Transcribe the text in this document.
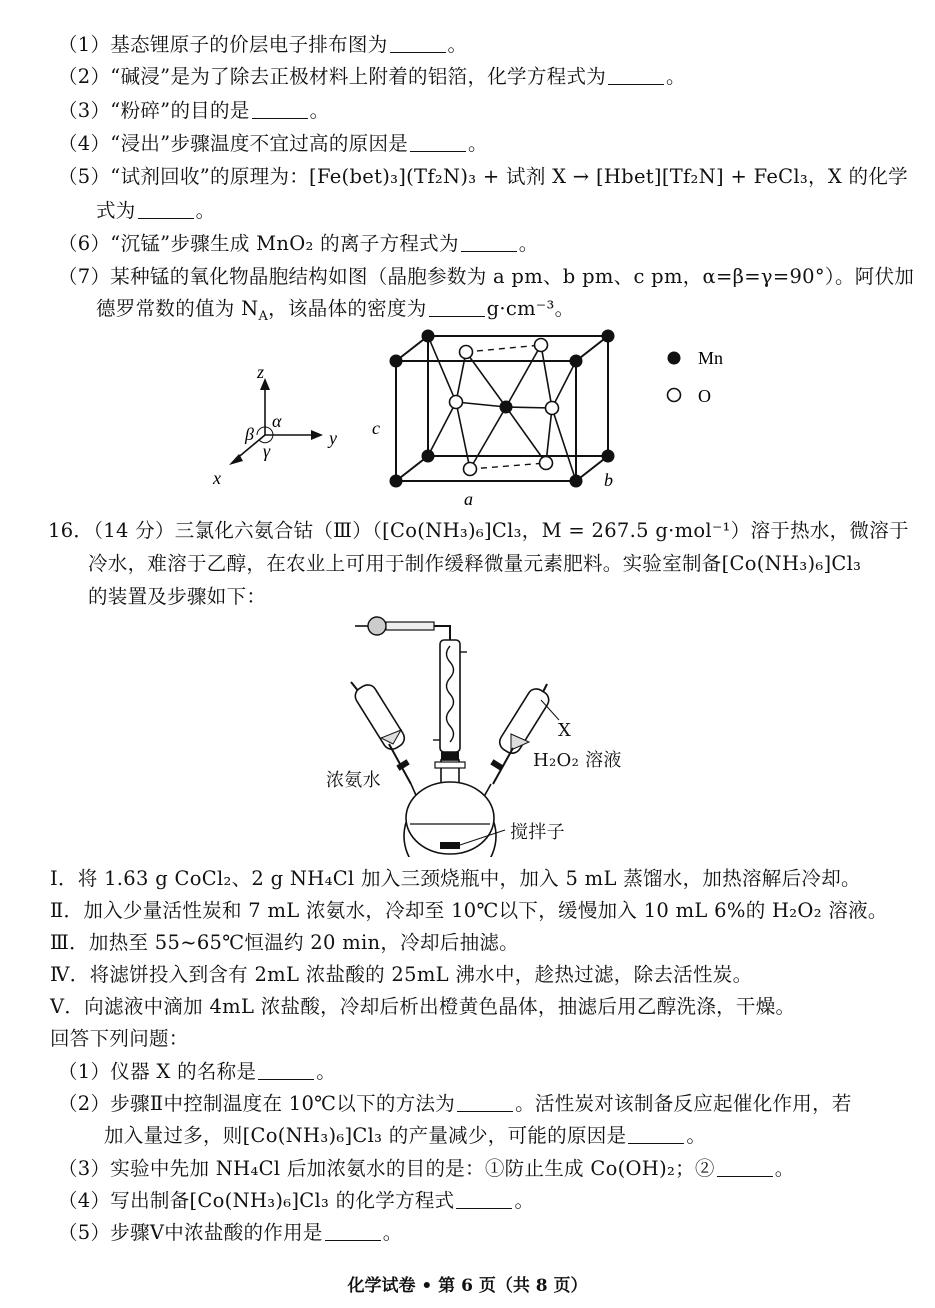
（1）基态锂原子的价层电子排布图为	。
（2）“碱浸”是为了除去正极材料上附着的铝箔，化学方程式为	。
（3）“粉碎”的目的是	。
（4）“浸出”步骤温度不宜过高的原因是	。
（5）“试剂回收”的原理为：[Fe(bet)₃](Tf₂N)₃ + 试剂 X → [Hbet][Tf₂N] + FeCl₃，X 的化学
式为	。
（6）“沉锰”步骤生成 MnO₂ 的离子方程式为	。
（7）某种锰的氧化物晶胞结构如图（晶胞参数为 a pm、b pm、c pm，α=β=γ=90°）。阿伏加
德罗常数的值为 $N_A$，该晶体的密度为	g·cm⁻³。
z
y
x
α
β
γ
c
a
b
Mn
O
16．（14 分）三氯化六氨合钴（Ⅲ）（[Co(NH₃)₆]Cl₃，M = 267.5 g·mol⁻¹）溶于热水，微溶于
冷水，难溶于乙醇，在农业上可用于制作缓释微量元素肥料。实验室制备[Co(NH₃)₆]Cl₃
的装置及步骤如下：
X
H₂O₂ 溶液
浓氨水
搅拌子
Ⅰ．将 1.63 g CoCl₂、2 g NH₄Cl 加入三颈烧瓶中，加入 5 mL 蒸馏水，加热溶解后冷却。
Ⅱ．加入少量活性炭和 7 mL 浓氨水，冷却至 10℃以下，缓慢加入 10 mL 6%的 H₂O₂ 溶液。
Ⅲ．加热至 55~65℃恒温约 20 min，冷却后抽滤。
Ⅳ．将滤饼投入到含有 2mL 浓盐酸的 25mL 沸水中，趁热过滤，除去活性炭。
Ⅴ．向滤液中滴加 4mL 浓盐酸，冷却后析出橙黄色晶体，抽滤后用乙醇洗涤，干燥。
回答下列问题：
（1）仪器 X 的名称是	。
（2）步骤Ⅱ中控制温度在 10℃以下的方法为	。活性炭对该制备反应起催化作用，若
加入量过多，则[Co(NH₃)₆]Cl₃ 的产量减少，可能的原因是	。
（3）实验中先加 NH₄Cl 后加浓氨水的目的是：①防止生成 Co(OH)₂；②	。
（4）写出制备[Co(NH₃)₆]Cl₃ 的化学方程式	。
（5）步骤Ⅴ中浓盐酸的作用是	。
化学试卷 • 第 6 页（共 8 页）
